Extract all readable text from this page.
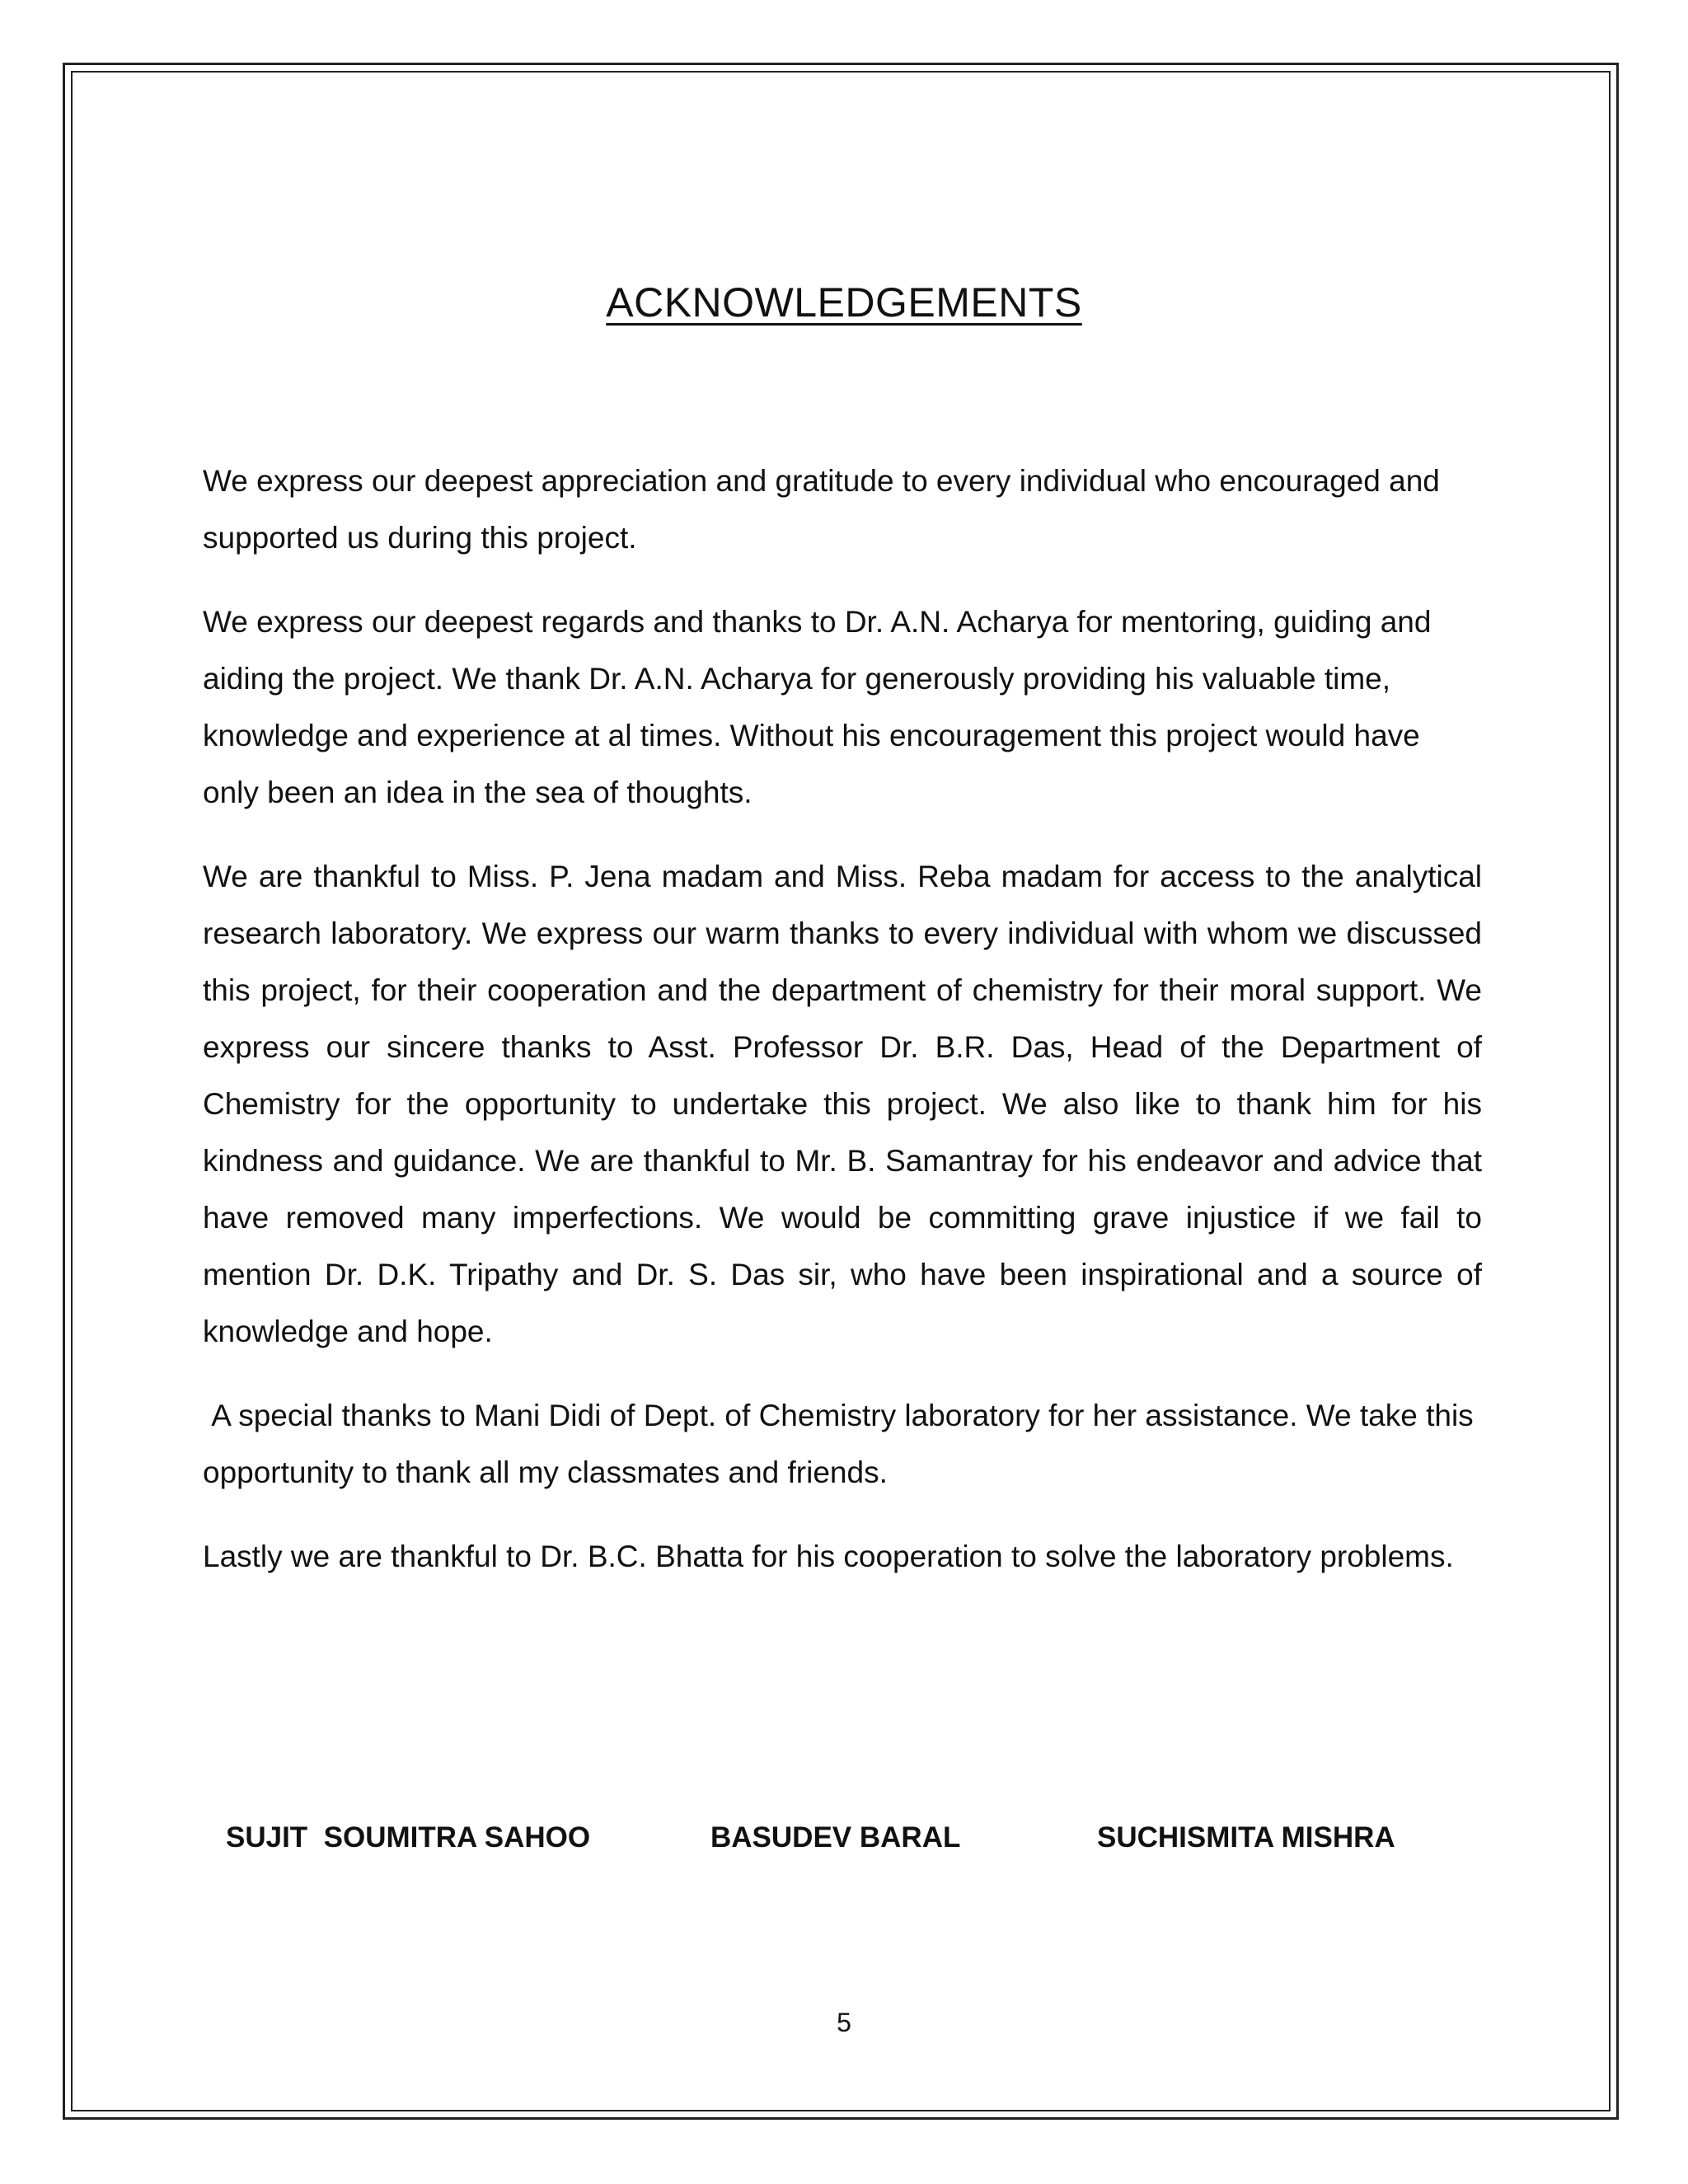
ACKNOWLEDGEMENTS

We express our deepest appreciation and gratitude to every individual who encouraged and supported us during this project.

We express our deepest regards and thanks to Dr. A.N. Acharya for mentoring, guiding and aiding the project. We thank Dr. A.N. Acharya for generously providing his valuable time, knowledge and experience at al times. Without his encouragement this project would have only been an idea in the sea of thoughts.

We are thankful to Miss. P. Jena madam and Miss. Reba madam for access to the analytical research laboratory. We express our warm thanks to every individual with whom we discussed this project, for their cooperation and the department of chemistry for their moral support. We express our sincere thanks to Asst. Professor Dr. B.R. Das, Head of the Department of Chemistry for the opportunity to undertake this project. We also like to thank him for his kindness and guidance. We are thankful to Mr. B. Samantray for his endeavor and advice that have removed many imperfections. We would be committing grave injustice if we fail to mention Dr. D.K. Tripathy and Dr. S. Das sir, who have been inspirational and a source of knowledge and hope.

A special thanks to Mani Didi of Dept. of Chemistry laboratory for her assistance. We take this opportunity to thank all my classmates and friends.

Lastly we are thankful to Dr. B.C. Bhatta for his cooperation to solve the laboratory problems.

SUJIT  SOUMITRA SAHOO	BASUDEV BARAL	SUCHISMITA MISHRA
5
